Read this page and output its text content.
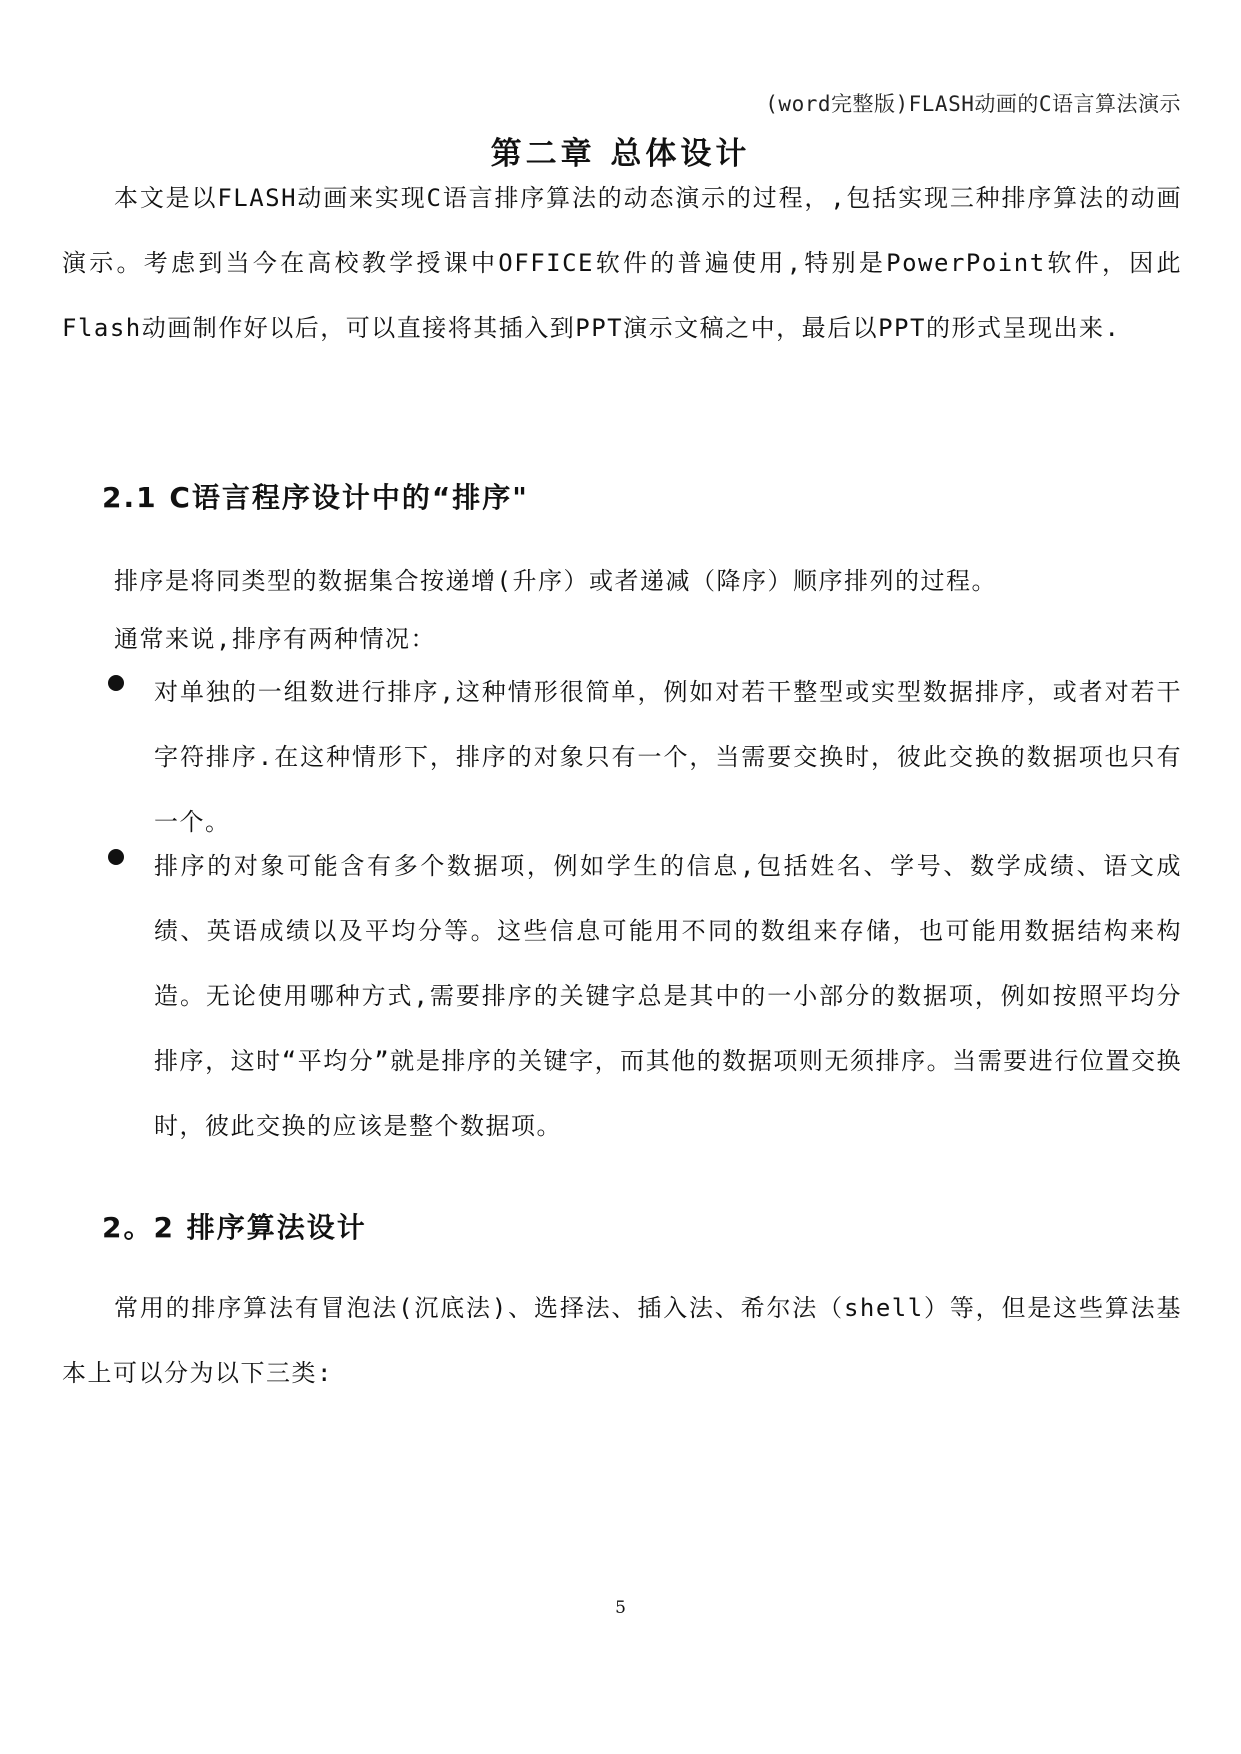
(word完整版)FLASH动画的C语言算法演示
第二章 总体设计

本文是以FLASH动画来实现C语言排序算法的动态演示的过程，,包括实现三种排序算法的动画演示。考虑到当今在高校教学授课中OFFICE软件的普遍使用,特别是PowerPoint软件，因此Flash动画制作好以后，可以直接将其插入到PPT演示文稿之中，最后以PPT的形式呈现出来.

2.1 C语言程序设计中的“排序"

排序是将同类型的数据集合按递增(升序）或者递减（降序）顺序排列的过程。

通常来说,排序有两种情况：

对单独的一组数进行排序,这种情形很简单，例如对若干整型或实型数据排序，或者对若干字符排序.在这种情形下，排序的对象只有一个，当需要交换时，彼此交换的数据项也只有一个。
排序的对象可能含有多个数据项，例如学生的信息,包括姓名、学号、数学成绩、语文成绩、英语成绩以及平均分等。这些信息可能用不同的数组来存储，也可能用数据结构来构造。无论使用哪种方式,需要排序的关键字总是其中的一小部分的数据项，例如按照平均分排序，这时“平均分”就是排序的关键字，而其他的数据项则无须排序。当需要进行位置交换时，彼此交换的应该是整个数据项。
2。2 排序算法设计

常用的排序算法有冒泡法(沉底法)、选择法、插入法、希尔法（shell）等，但是这些算法基本上可以分为以下三类:

5
